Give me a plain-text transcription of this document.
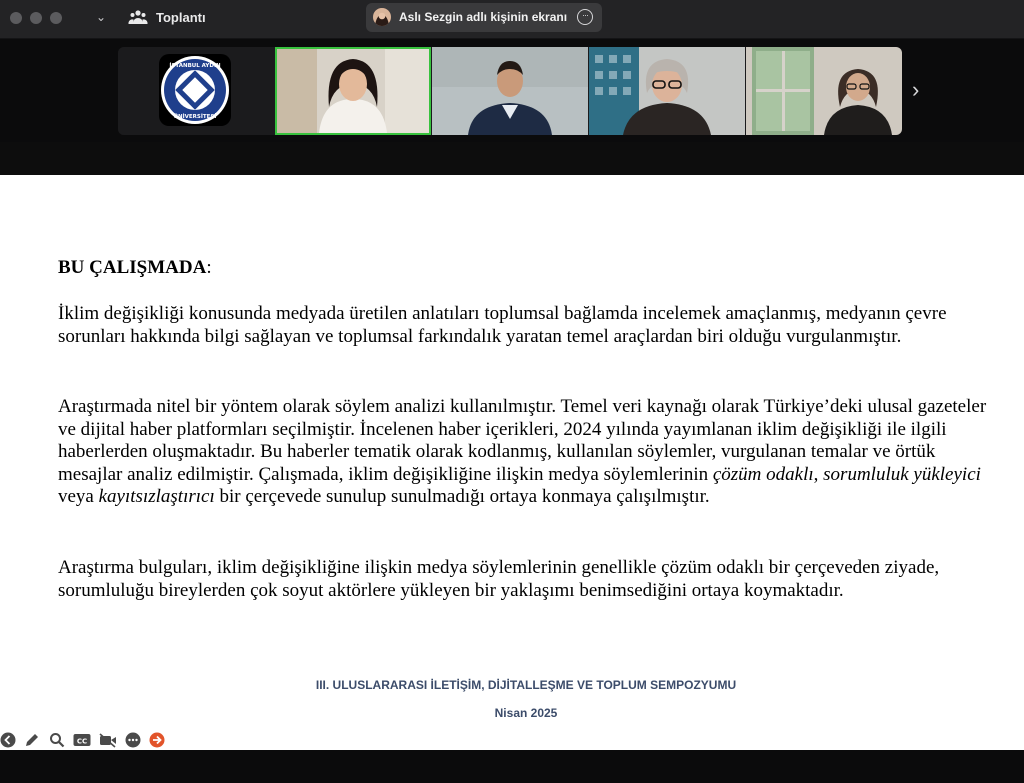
⌄	Toplantı	Aslı Sezgin adlı kişinin ekranı	···
İSTANBUL AYDIN
ÜNİVERSİTESİ
›
BU ÇALIŞMADA:

İklim değişikliği konusunda medyada üretilen anlatıları toplumsal bağlamda incelemek amaçlanmış, medyanın çevre sorunları hakkında bilgi sağlayan ve toplumsal farkındalık yaratan temel araçlardan biri olduğu vurgulanmıştır.

Araştırmada nitel bir yöntem olarak söylem analizi kullanılmıştır. Temel veri kaynağı olarak Türkiye’deki ulusal gazeteler ve dijital haber platformları seçilmiştir. İncelenen haber içerikleri, 2024 yılında yayımlanan iklim değişikliği ile ilgili haberlerden oluşmaktadır. Bu haberler tematik olarak kodlanmış, kullanılan söylemler, vurgulanan temalar ve örtük mesajlar analiz edilmiştir. Çalışmada, iklim değişikliğine ilişkin medya söylemlerinin çözüm odaklı, sorumluluk yükleyici veya kayıtsızlaştırıcı bir çerçevede sunulup sunulmadığı ortaya konmaya çalışılmıştır.

Araştırma bulguları, iklim değişikliğine ilişkin medya söylemlerinin genellikle çözüm odaklı bir çerçeveden ziyade, sorumluluğu bireylerden çok soyut aktörlere yükleyen bir yaklaşımı benimsediğini ortaya koymaktadır.

III. ULUSLARARASI İLETİŞİM, DİJİTALLEŞME VE TOPLUM SEMPOZYUMU
Nisan 2025
CC
